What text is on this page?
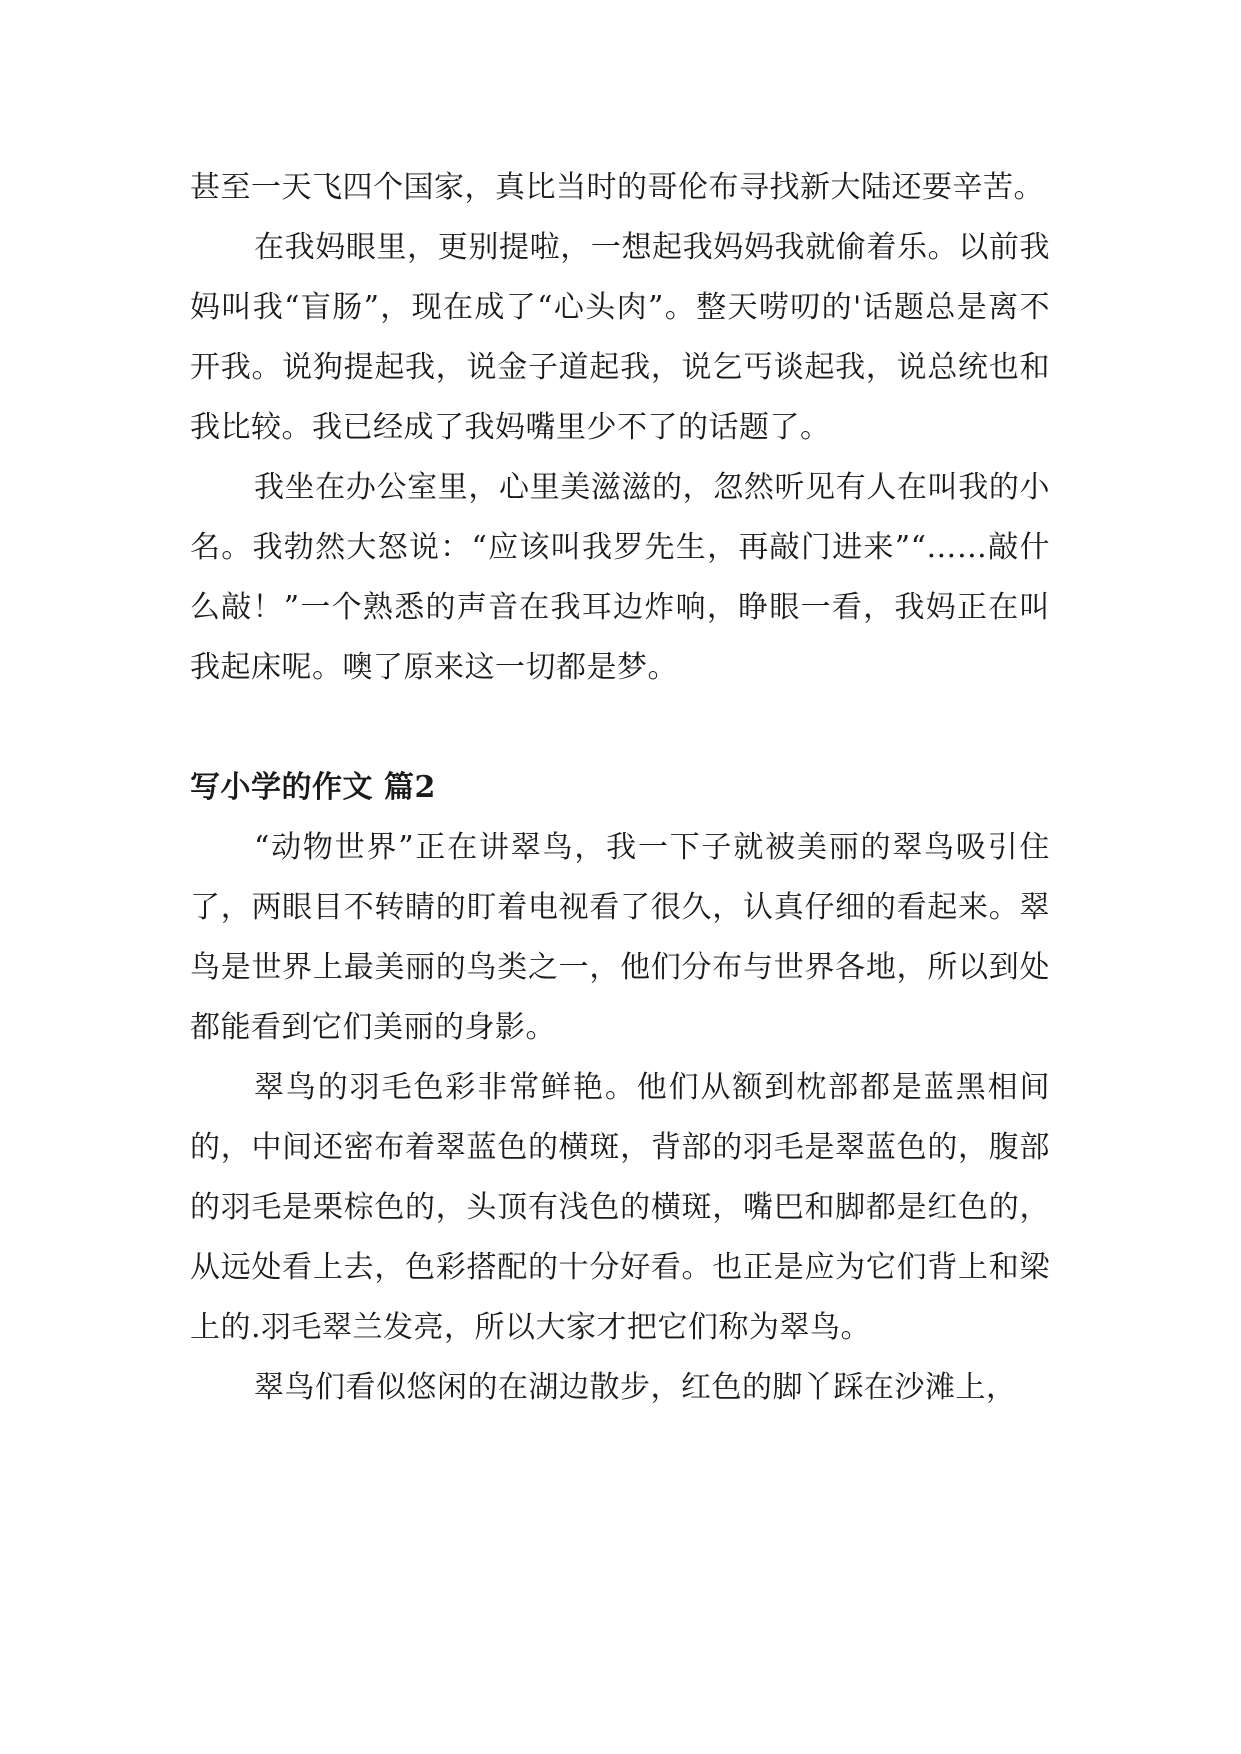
甚至一天飞四个国家，真比当时的哥伦布寻找新大陆还要辛苦。

在我妈眼里，更别提啦，一想起我妈妈我就偷着乐。以前我妈叫我“盲肠”，现在成了“心头肉”。整天唠叨的'话题总是离不开我。说狗提起我，说金子道起我，说乞丐谈起我，说总统也和我比较。我已经成了我妈嘴里少不了的话题了。

我坐在办公室里，心里美滋滋的，忽然听见有人在叫我的小名。我勃然大怒说：“应该叫我罗先生，再敲门进来”“……敲什么敲！”一个熟悉的声音在我耳边炸响，睁眼一看，我妈正在叫我起床呢。噢了原来这一切都是梦。

写小学的作文 篇2

“动物世界”正在讲翠鸟，我一下子就被美丽的翠鸟吸引住了，两眼目不转睛的盯着电视看了很久，认真仔细的看起来。翠鸟是世界上最美丽的鸟类之一，他们分布与世界各地，所以到处都能看到它们美丽的身影。

翠鸟的羽毛色彩非常鲜艳。他们从额到枕部都是蓝黑相间的，中间还密布着翠蓝色的横斑，背部的羽毛是翠蓝色的，腹部的羽毛是栗棕色的，头顶有浅色的横斑，嘴巴和脚都是红色的，从远处看上去，色彩搭配的十分好看。也正是应为它们背上和梁上的.羽毛翠兰发亮，所以大家才把它们称为翠鸟。

翠鸟们看似悠闲的在湖边散步，红色的脚丫踩在沙滩上，
